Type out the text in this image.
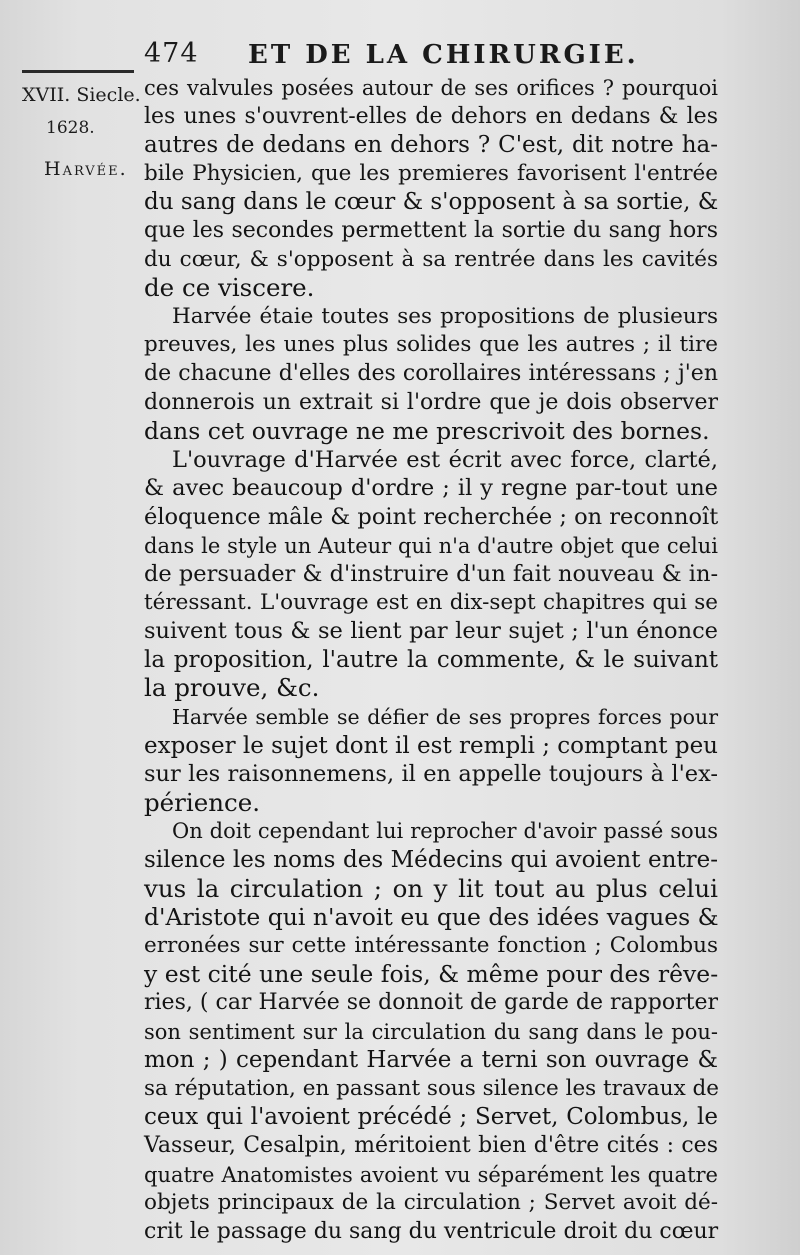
474 ET DE LA CHIRURGIE.
XVII. Siecle.
1628.
Harvée.
ces valvules posées autour de ses orifices ? pourquoi
les unes s'ouvrent-elles de dehors en dedans & les
autres de dedans en dehors ? C'est, dit notre ha-
bile Physicien, que les premieres favorisent l'entrée
du sang dans le cœur & s'opposent à sa sortie, &
que les secondes permettent la sortie du sang hors
du cœur, & s'opposent à sa rentrée dans les cavités
de ce viscere.
Harvée étaie toutes ses propositions de plusieurs
preuves, les unes plus solides que les autres ; il tire
de chacune d'elles des corollaires intéressans ; j'en
donnerois un extrait si l'ordre que je dois observer
dans cet ouvrage ne me prescrivoit des bornes.
L'ouvrage d'Harvée est écrit avec force, clarté,
& avec beaucoup d'ordre ; il y regne par-tout une
éloquence mâle & point recherchée ; on reconnoît
dans le style un Auteur qui n'a d'autre objet que celui
de persuader & d'instruire d'un fait nouveau & in-
téressant. L'ouvrage est en dix-sept chapitres qui se
suivent tous & se lient par leur sujet ; l'un énonce
la proposition, l'autre la commente, & le suivant
la prouve, &c.
Harvée semble se défier de ses propres forces pour
exposer le sujet dont il est rempli ; comptant peu
sur les raisonnemens, il en appelle toujours à l'ex-
périence.
On doit cependant lui reprocher d'avoir passé sous
silence les noms des Médecins qui avoient entre-
vus la circulation ; on y lit tout au plus celui
d'Aristote qui n'avoit eu que des idées vagues &
erronées sur cette intéressante fonction ; Colombus
y est cité une seule fois, & même pour des rêve-
ries, ( car Harvée se donnoit de garde de rapporter
son sentiment sur la circulation du sang dans le pou-
mon ; ) cependant Harvée a terni son ouvrage &
sa réputation, en passant sous silence les travaux de
ceux qui l'avoient précédé ; Servet, Colombus, le
Vasseur, Cesalpin, méritoient bien d'être cités : ces
quatre Anatomistes avoient vu séparément les quatre
objets principaux de la circulation ; Servet avoit dé-
crit le passage du sang du ventricule droit du cœur
